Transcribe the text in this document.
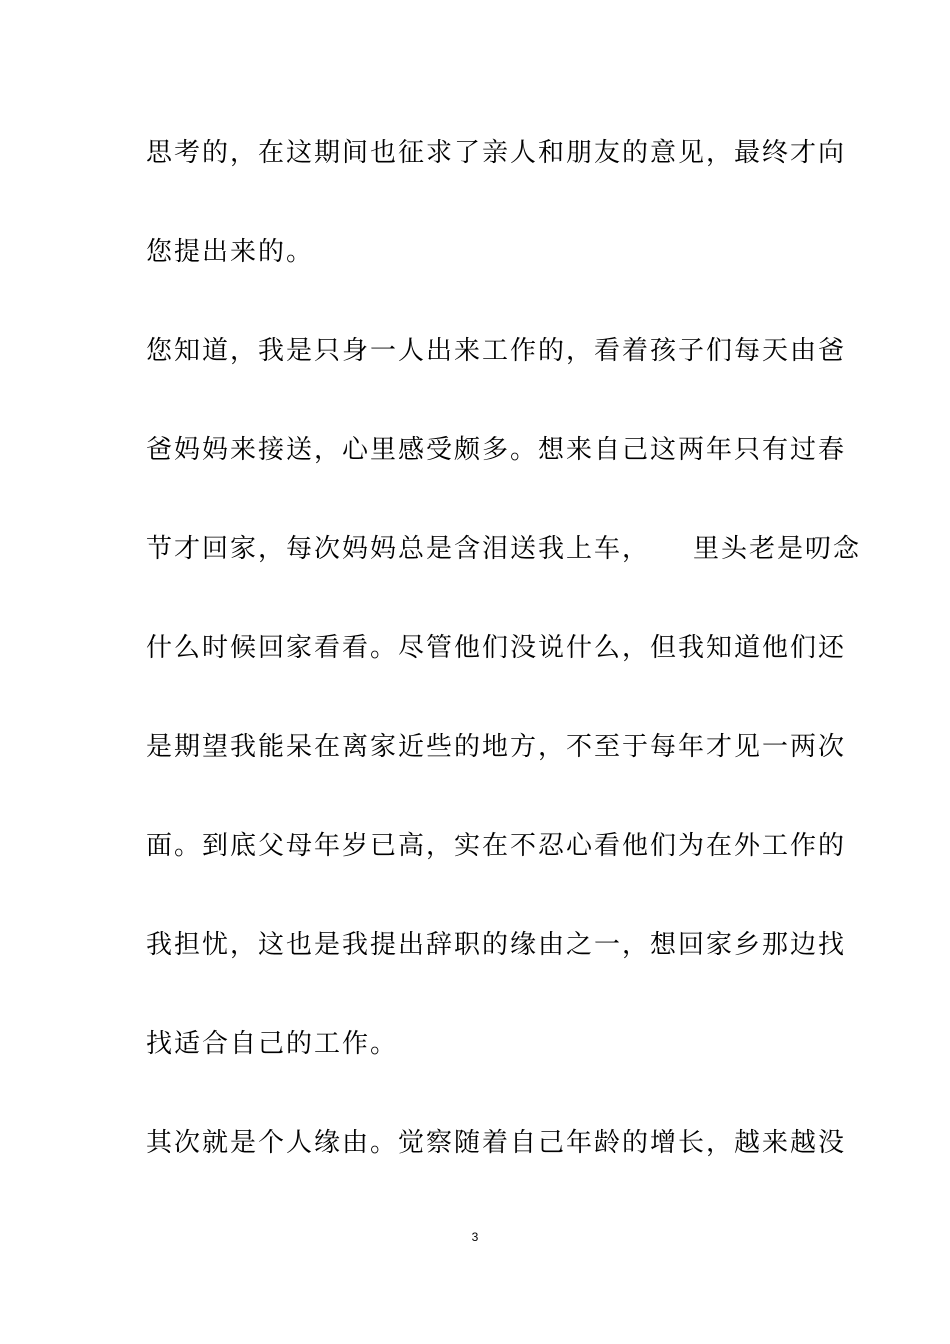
思考的，在这期间也征求了亲人和朋友的意见，最终才向
您提出来的。
您知道，我是只身一人出来工作的，看着孩子们每天由爸
爸妈妈来接送，心里感受颇多。想来自己这两年只有过春
节才回家，每次妈妈总是含泪送我上车，　　里头老是叨念
什么时候回家看看。尽管他们没说什么，但我知道他们还
是期望我能呆在离家近些的地方，不至于每年才见一两次
面。到底父母年岁已高，实在不忍心看他们为在外工作的
我担忧，这也是我提出辞职的缘由之一，想回家乡那边找
找适合自己的工作。
其次就是个人缘由。觉察随着自己年龄的增长，越来越没
3
